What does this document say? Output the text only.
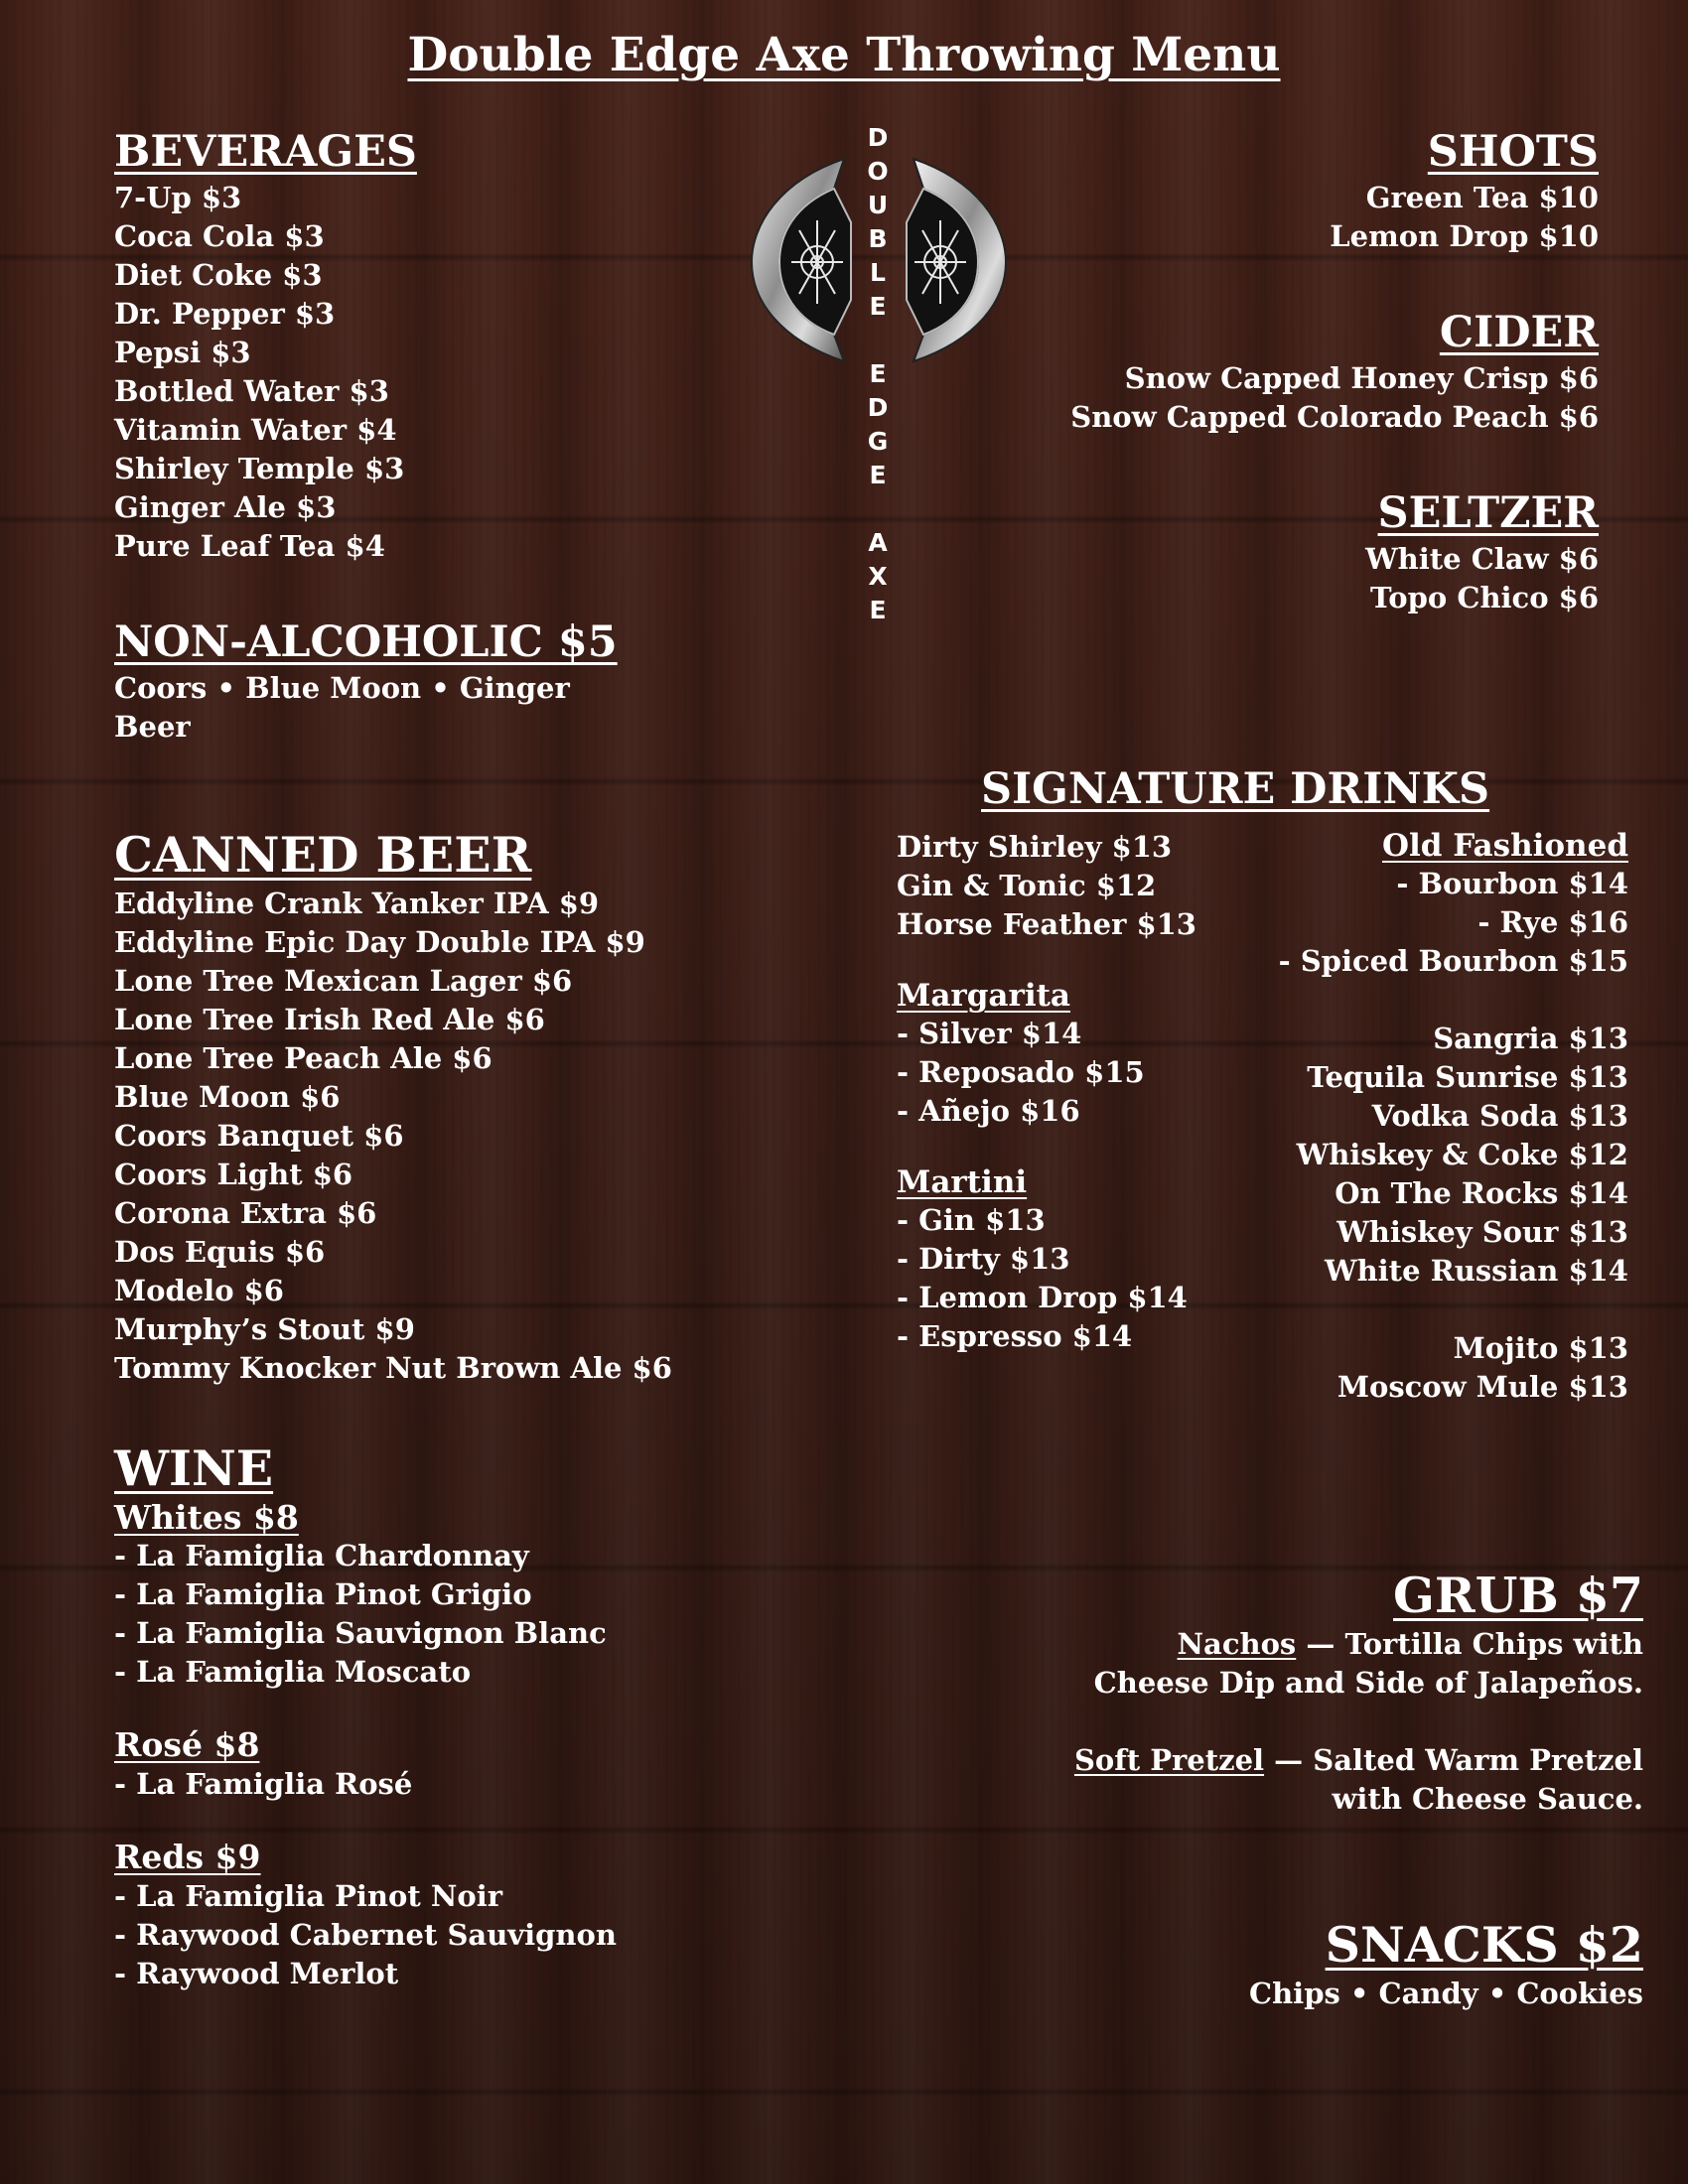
Double Edge Axe Throwing Menu
D
O
U
B
L
E
E
D
G
E
A
X
E
BEVERAGES
7-Up $3
Coca Cola $3
Diet Coke $3
Dr. Pepper $3
Pepsi $3
Bottled Water $3
Vitamin Water $4
Shirley Temple $3
Ginger Ale $3
Pure Leaf Tea $4
NON-ALCOHOLIC $5

Coors • Blue Moon • Ginger

Beer

CANNED BEER
Eddyline Crank Yanker IPA $9
Eddyline Epic Day Double IPA $9
Lone Tree Mexican Lager $6
Lone Tree Irish Red Ale $6
Lone Tree Peach Ale $6
Blue Moon $6
Coors Banquet $6
Coors Light $6
Corona Extra $6
Dos Equis $6
Modelo $6
Murphy’s Stout $9
Tommy Knocker Nut Brown Ale $6
WINE
Whites $8
- La Famiglia Chardonnay
- La Famiglia Pinot Grigio
- La Famiglia Sauvignon Blanc
- La Famiglia Moscato
Rosé $8
- La Famiglia Rosé
Reds $9
- La Famiglia Pinot Noir
- Raywood Cabernet Sauvignon
- Raywood Merlot
SHOTS
Green Tea $10
Lemon Drop $10
CIDER
Snow Capped Honey Crisp $6
Snow Capped Colorado Peach $6
SELTZER
White Claw $6
Topo Chico $6
SIGNATURE DRINKS
Dirty Shirley $13
Gin & Tonic $12
Horse Feather $13
Margarita
- Silver $14
- Reposado $15
- Añejo $16
Martini
- Gin $13
- Dirty $13
- Lemon Drop $14
- Espresso $14
Old Fashioned
- Bourbon $14
- Rye $16
- Spiced Bourbon $15
Sangria $13
Tequila Sunrise $13
Vodka Soda $13
Whiskey & Coke $12
On The Rocks $14
Whiskey Sour $13
White Russian $14
Mojito $13
Moscow Mule $13
GRUB $7

Nachos — Tortilla Chips with

Cheese Dip and Side of Jalapeños.

Soft Pretzel — Salted Warm Pretzel

with Cheese Sauce.

SNACKS $2

Chips • Candy • Cookies
